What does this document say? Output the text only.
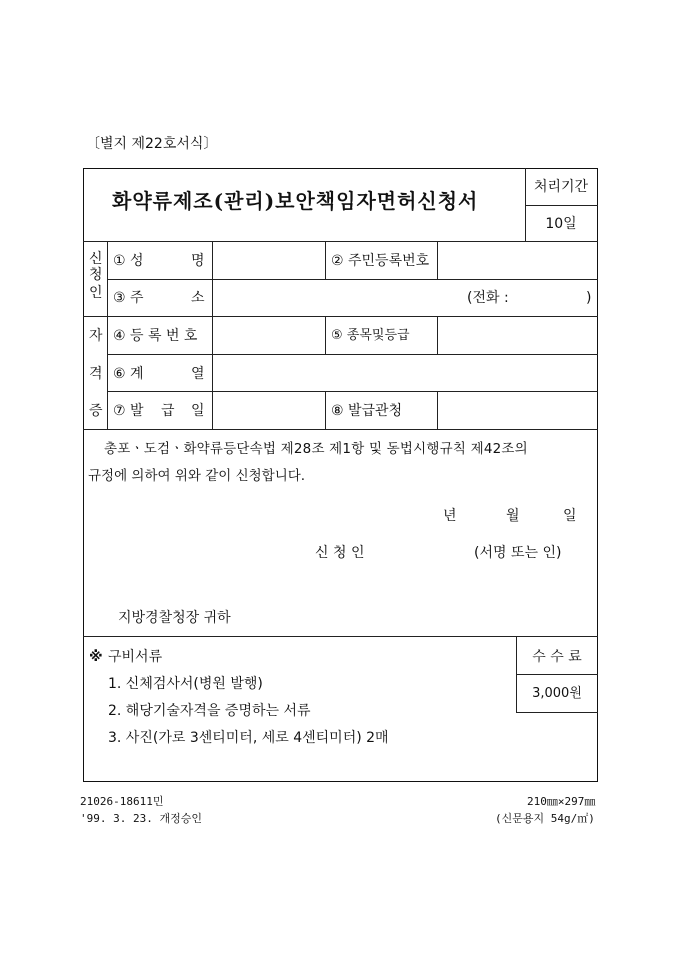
〔별지 제22호서식〕
화약류제조(관리)보안책임자면허신청서
처리기간
10일
신
청
인
① 성	명	② 주민등록번호
③ 주	소	(전화 :	)
자
격
증
④ 등 록 번 호	⑤ 종목및등급
⑥ 계	열
⑦ 발 급 일	⑧ 발급관청
총포ㆍ도검ㆍ화약류등단속법 제28조 제1항 및 동법시행규칙 제42조의
규정에 의하여 위와 같이 신청합니다.
년	월	일
신 청 인	(서명 또는 인)
지방경찰청장 귀하
※ 구비서류
1. 신체검사서(병원 발행)
2. 해당기술자격을 증명하는 서류
3. 사진(가로 3센티미터, 세로 4센티미터) 2매
수 수 료
3,000원
21026-18611민
'99. 3. 23. 개정승인
210㎜×297㎜
(신문용지 54g/㎡)
